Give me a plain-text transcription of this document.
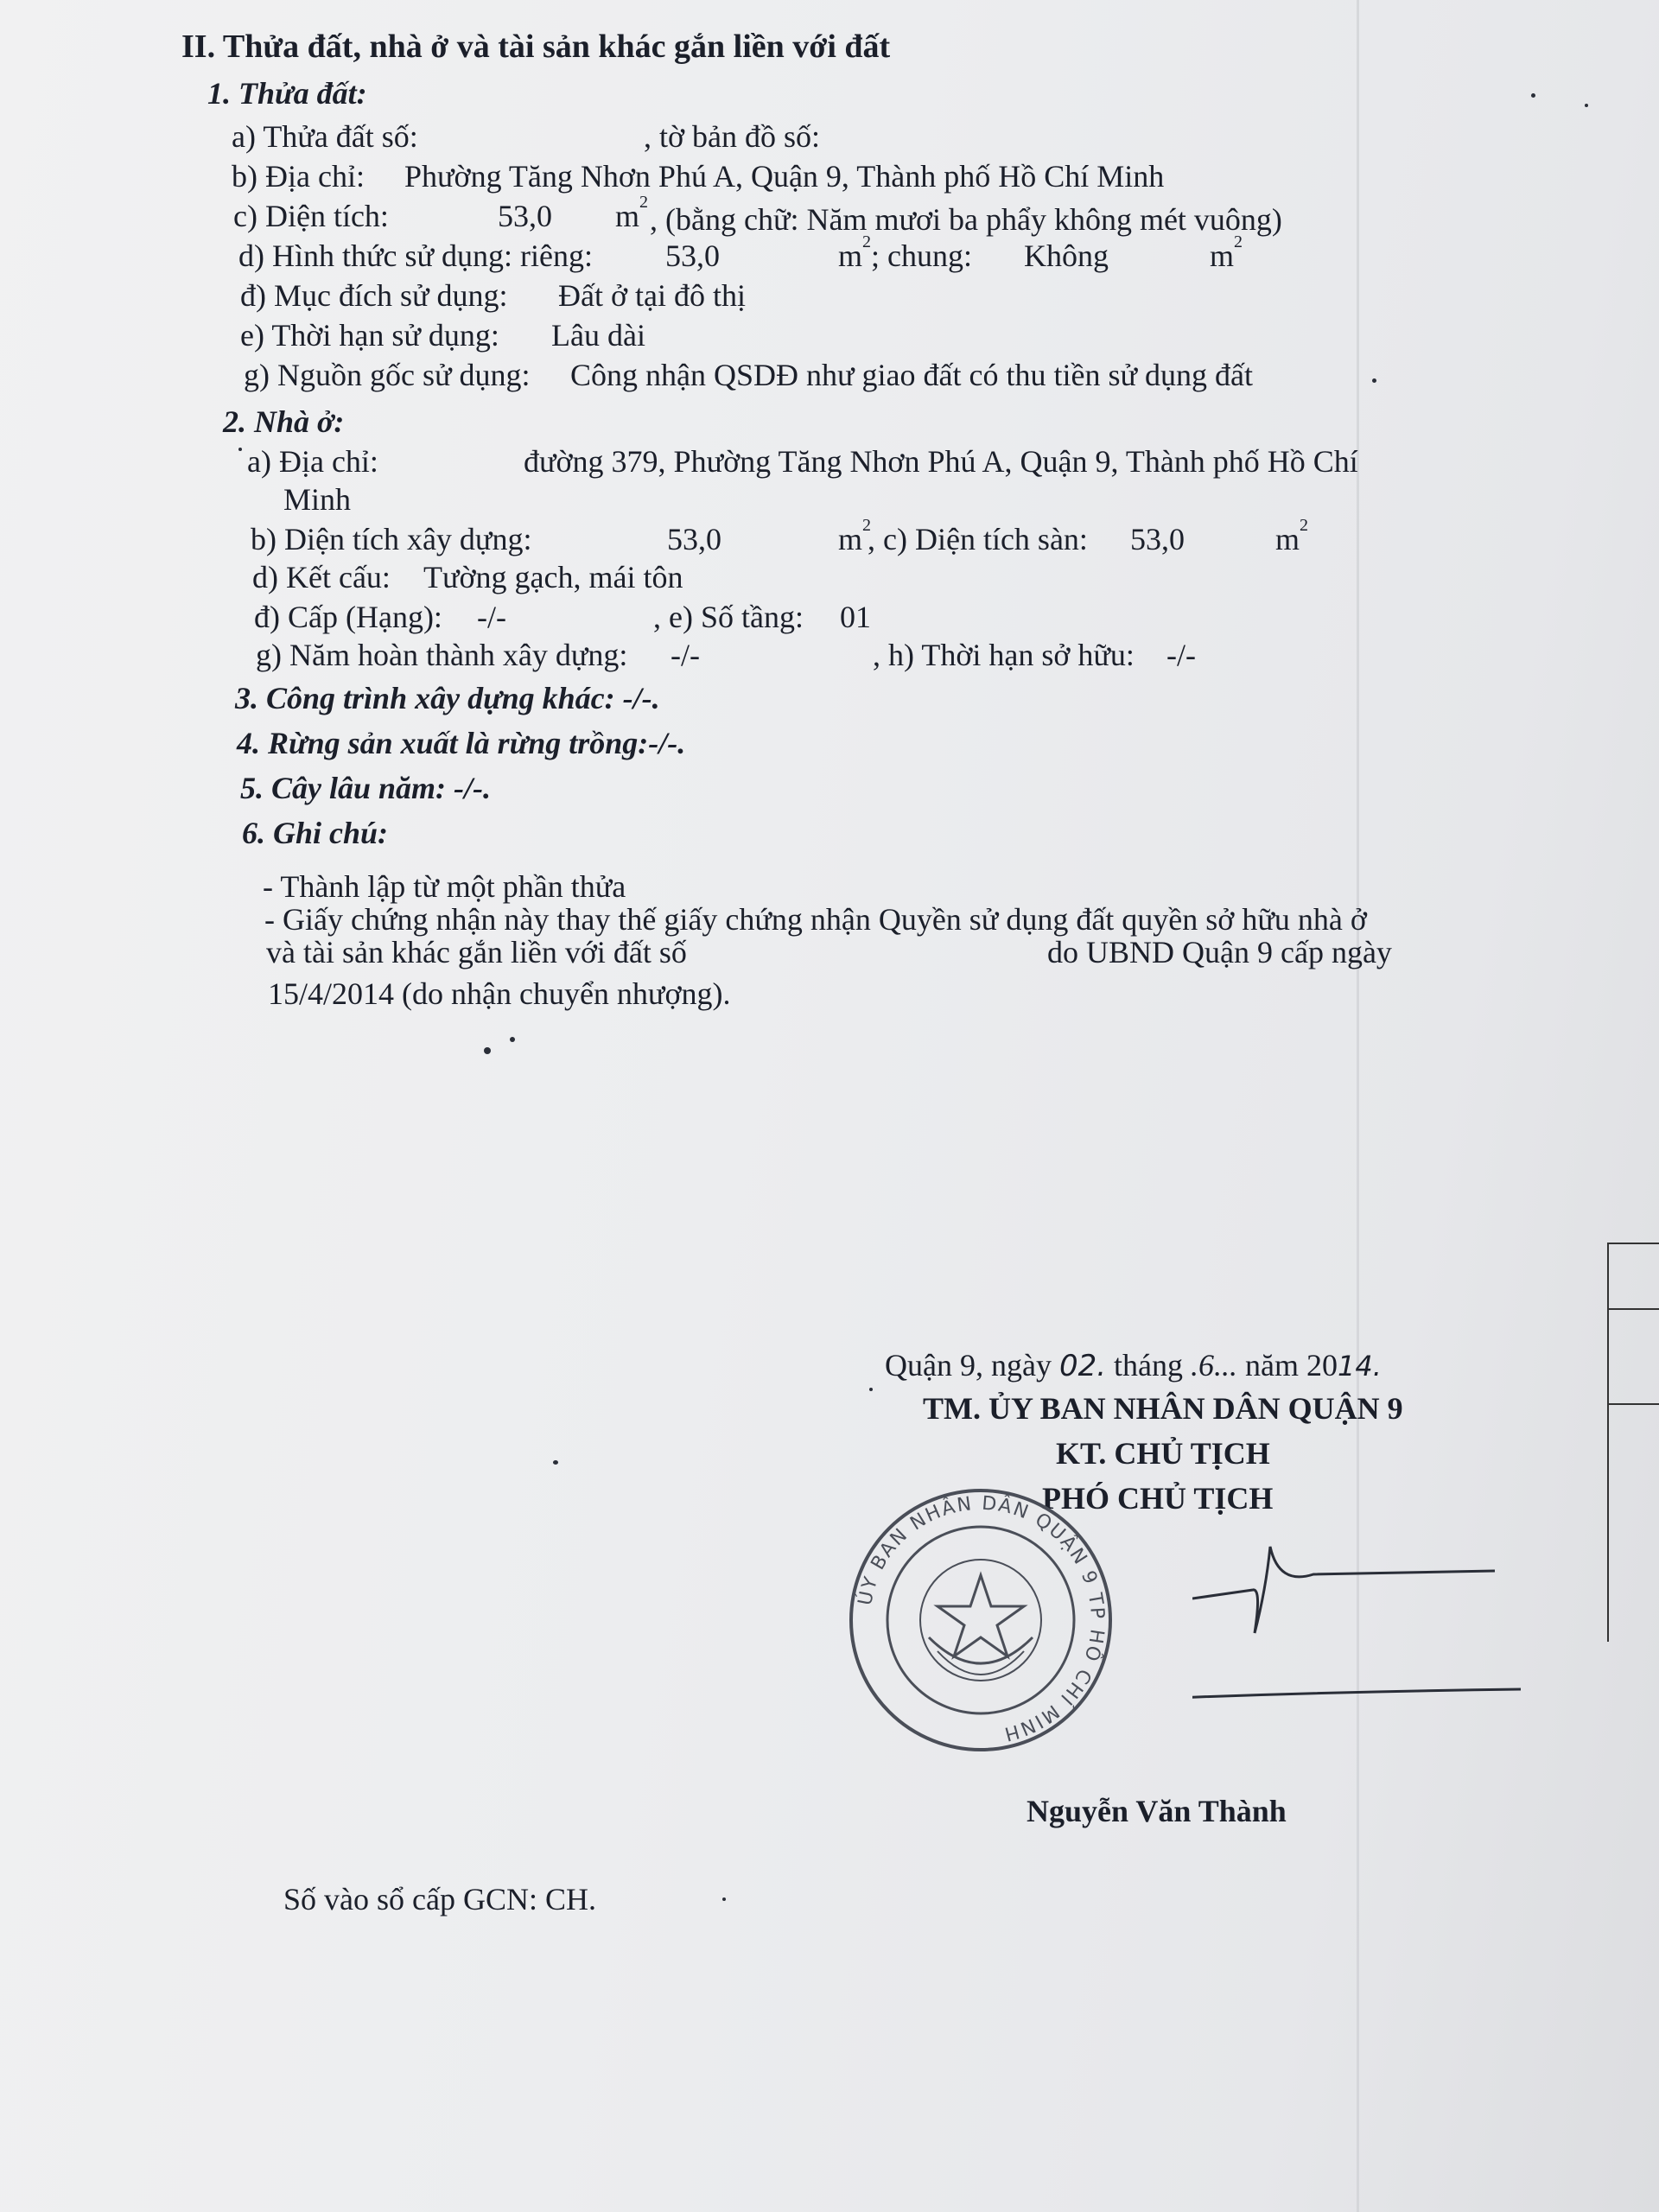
II. Thửa đất, nhà ở và tài sản khác gắn liền với đất
1. Thửa đất:
a) Thửa đất số:	, tờ bản đồ số:
b) Địa chỉ: Phường Tăng Nhơn Phú A, Quận 9, Thành phố Hồ Chí Minh
c) Diện tích:	53,0 $m^2$ , (bằng chữ: Năm mươi ba phẩy không mét vuông)
d) Hình thức sử dụng: riêng: 53,0	$m^2$ ; chung: Không	$m^2$
đ) Mục đích sử dụng: Đất ở tại đô thị
e) Thời hạn sử dụng: Lâu dài
g) Nguồn gốc sử dụng: Công nhận QSDĐ như giao đất có thu tiền sử dụng đất
2. Nhà ở:
a) Địa chỉ:	đường 379, Phường Tăng Nhơn Phú A, Quận 9, Thành phố Hồ Chí
Minh
b) Diện tích xây dựng:	53,0	$m^2$
, c) Diện tích sàn: 53,0	$m^2$
d) Kết cấu: Tường gạch, mái tôn
đ) Cấp (Hạng): -/-	, e) Số tầng: 01
g) Năm hoàn thành xây dựng: -/-	, h) Thời hạn sở hữu: -/-
3. Công trình xây dựng khác: -/-.
4. Rừng sản xuất là rừng trồng:-/-.
5. Cây lâu năm: -/-.
6. Ghi chú:
- Thành lập từ một phần thửa
- Giấy chứng nhận này thay thế giấy chứng nhận Quyền sử dụng đất quyền sở hữu nhà ở
và tài sản khác gắn liền với đất số	do UBND Quận 9 cấp ngày
15/4/2014 (do nhận chuyển nhượng).
Quận 9, ngày 02. tháng .6... năm 2014.
TM. ỦY BAN NHÂN DÂN QUẬN 9
KT. CHỦ TỊCH
PHÓ CHỦ TỊCH
ỦY BAN NHÂN DÂN QUẬN 9 TP HỒ CHÍ MINH
Nguyễn Văn Thành
Số vào sổ cấp GCN: CH.
